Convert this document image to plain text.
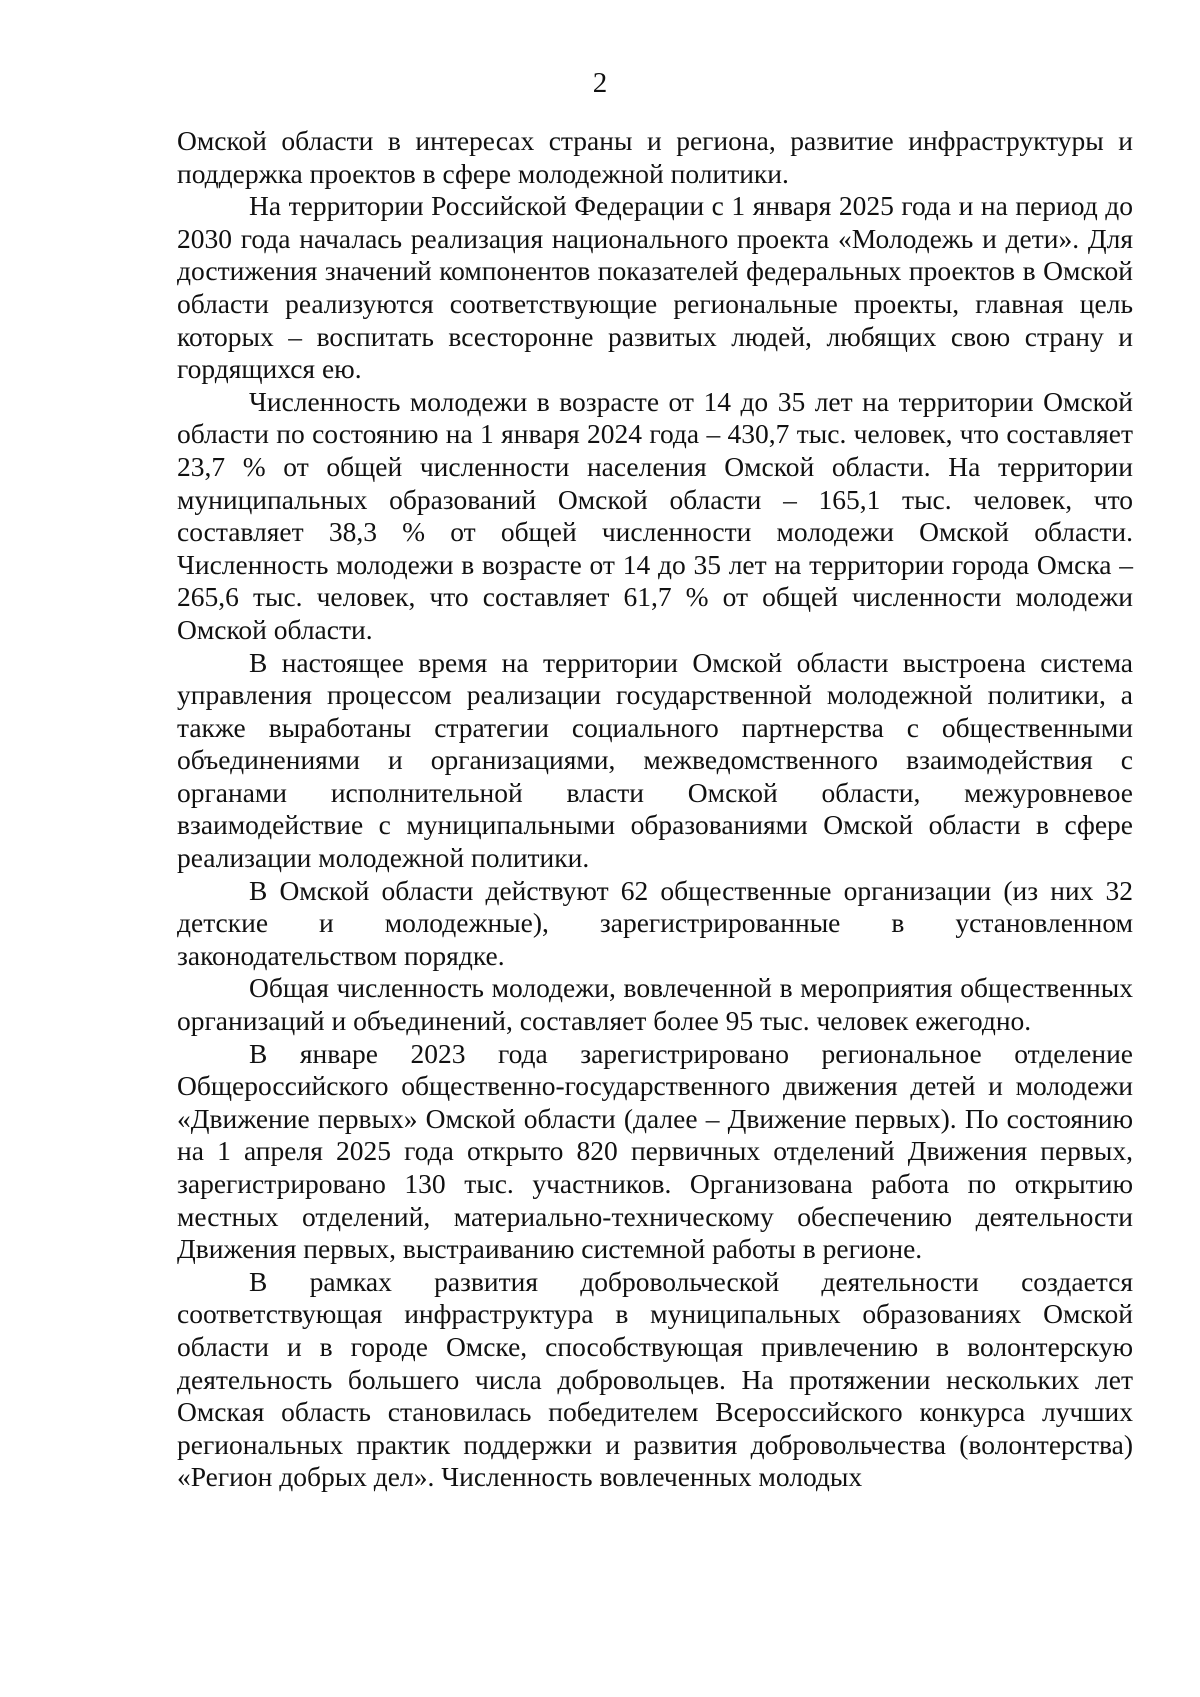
2

Омской области в интересах страны и региона, развитие инфраструктуры и поддержка проектов в сфере молодежной политики.

На территории Российской Федерации с 1 января 2025 года и на период до 2030 года началась реализация национального проекта «Молодежь и дети». Для достижения значений компонентов показателей федеральных проектов в Омской области реализуются соответствующие региональные проекты, главная цель которых – воспитать всесторонне развитых людей, любящих свою страну и гордящихся ею.

Численность молодежи в возрасте от 14 до 35 лет на территории Омской области по состоянию на 1 января 2024 года – 430,7 тыс. человек, что составляет 23,7 % от общей численности населения Омской области. На территории муниципальных образований Омской области – 165,1 тыс. человек, что составляет 38,3 % от общей численности молодежи Омской области. Численность молодежи в возрасте от 14 до 35 лет на территории города Омска – 265,6 тыс. человек, что составляет 61,7 % от общей численности молодежи Омской области.

В настоящее время на территории Омской области выстроена система управления процессом реализации государственной молодежной политики, а также выработаны стратегии социального партнерства с общественными объединениями и организациями, межведомственного взаимодействия с органами исполнительной власти Омской области, межуровневое взаимодействие с муниципальными образованиями Омской области в сфере реализации молодежной политики.

В Омской области действуют 62 общественные организации (из них 32 детские и молодежные), зарегистрированные в установленном законодательством порядке.

Общая численность молодежи, вовлеченной в мероприятия общественных организаций и объединений, составляет более 95 тыс. человек ежегодно.

В январе 2023 года зарегистрировано региональное отделение Общероссийского общественно-государственного движения детей и молодежи «Движение первых» Омской области (далее – Движение первых). По состоянию на 1 апреля 2025 года открыто 820 первичных отделений Движения первых, зарегистрировано 130 тыс. участников. Организована работа по открытию местных отделений, материально-техническому обеспечению деятельности Движения первых, выстраиванию системной работы в регионе.

В рамках развития добровольческой деятельности создается соответствующая инфраструктура в муниципальных образованиях Омской области и в городе Омске, способствующая привлечению в волонтерскую деятельность большего числа добровольцев. На протяжении нескольких лет Омская область становилась победителем Всероссийского конкурса лучших региональных практик поддержки и развития добровольчества (волонтерства) «Регион добрых дел». Численность вовлеченных молодых
